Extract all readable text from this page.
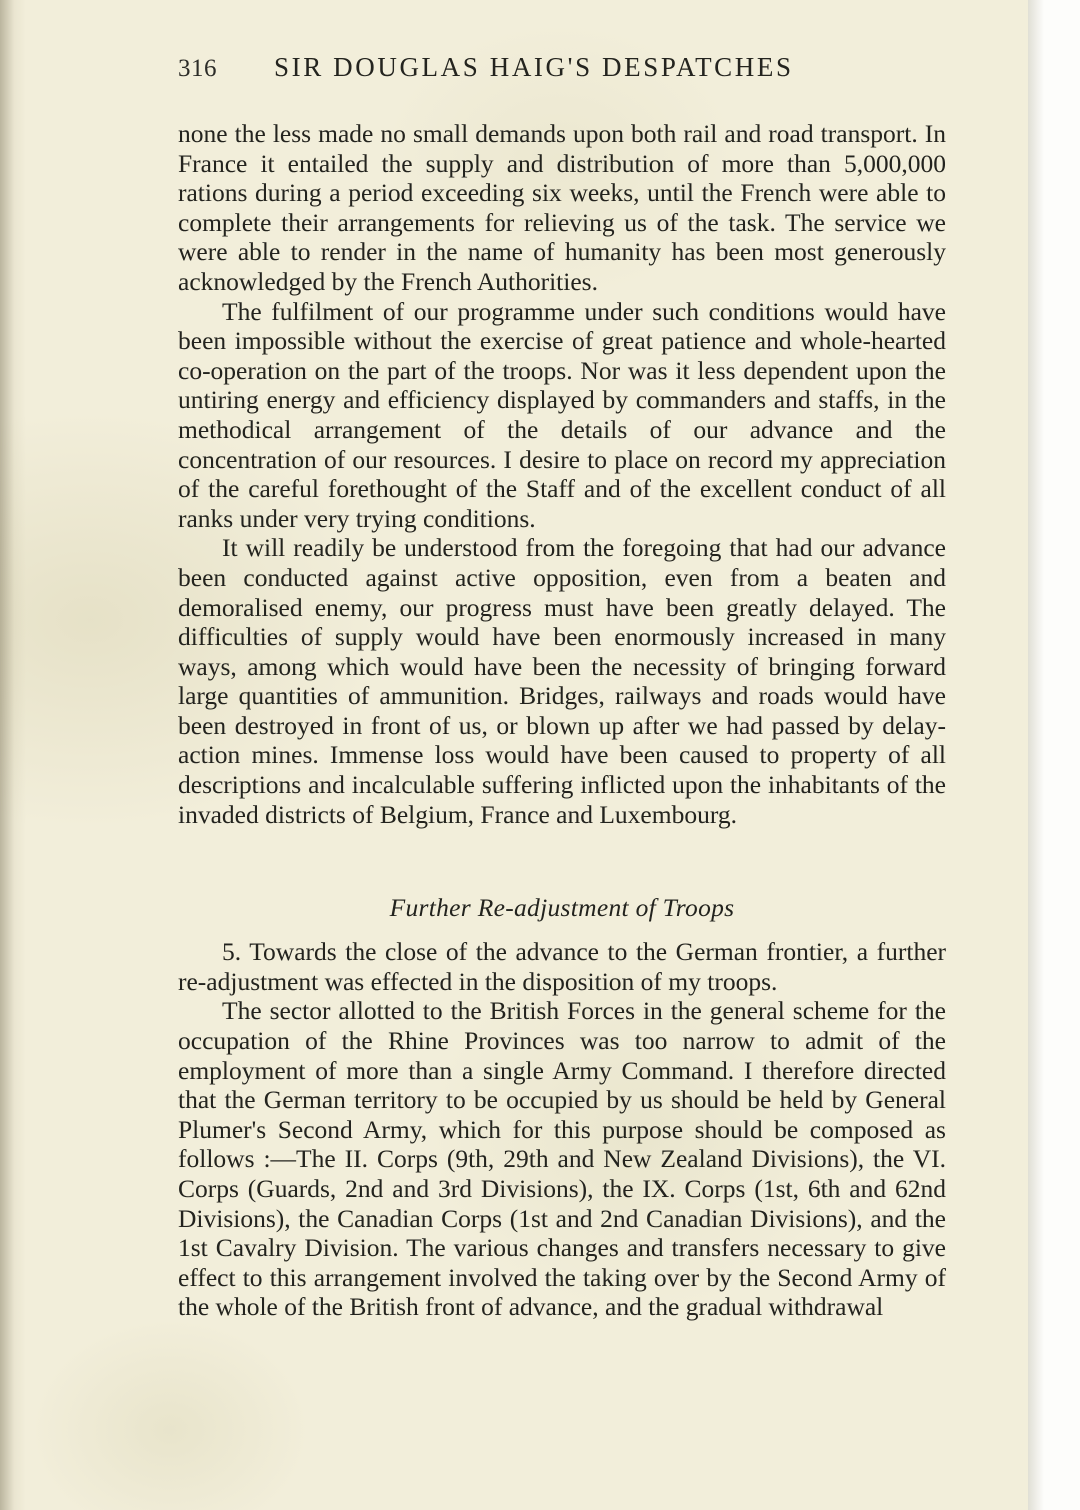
316	SIR DOUGLAS HAIG'S DESPATCHES

none the less made no small demands upon both rail and road transport. In France it entailed the supply and distribution of more than 5,000,000 rations during a period exceeding six weeks, until the French were able to complete their arrangements for relieving us of the task. The service we were able to render in the name of humanity has been most generously acknowledged by the French Authorities.

The fulfilment of our programme under such conditions would have been impossible without the exercise of great patience and whole-hearted co-operation on the part of the troops. Nor was it less dependent upon the untiring energy and efficiency displayed by commanders and staffs, in the methodical arrangement of the details of our advance and the concentration of our resources. I desire to place on record my appreciation of the careful forethought of the Staff and of the excellent conduct of all ranks under very trying conditions.

It will readily be understood from the foregoing that had our advance been conducted against active opposition, even from a beaten and demoralised enemy, our progress must have been greatly delayed. The difficulties of supply would have been enormously increased in many ways, among which would have been the necessity of bringing forward large quantities of ammunition. Bridges, railways and roads would have been destroyed in front of us, or blown up after we had passed by delay-action mines. Immense loss would have been caused to property of all descriptions and incalculable suffering inflicted upon the inhabitants of the invaded districts of Belgium, France and Luxembourg.

Further Re-adjustment of Troops

5. Towards the close of the advance to the German frontier, a further re-adjustment was effected in the disposition of my troops.

The sector allotted to the British Forces in the general scheme for the occupation of the Rhine Provinces was too narrow to admit of the employment of more than a single Army Command. I therefore directed that the German territory to be occupied by us should be held by General Plumer's Second Army, which for this purpose should be composed as follows :—The II. Corps (9th, 29th and New Zealand Divisions), the VI. Corps (Guards, 2nd and 3rd Divisions), the IX. Corps (1st, 6th and 62nd Divisions), the Canadian Corps (1st and 2nd Canadian Divisions), and the 1st Cavalry Division. The various changes and transfers necessary to give effect to this arrangement involved the taking over by the Second Army of the whole of the British front of advance, and the gradual withdrawal
